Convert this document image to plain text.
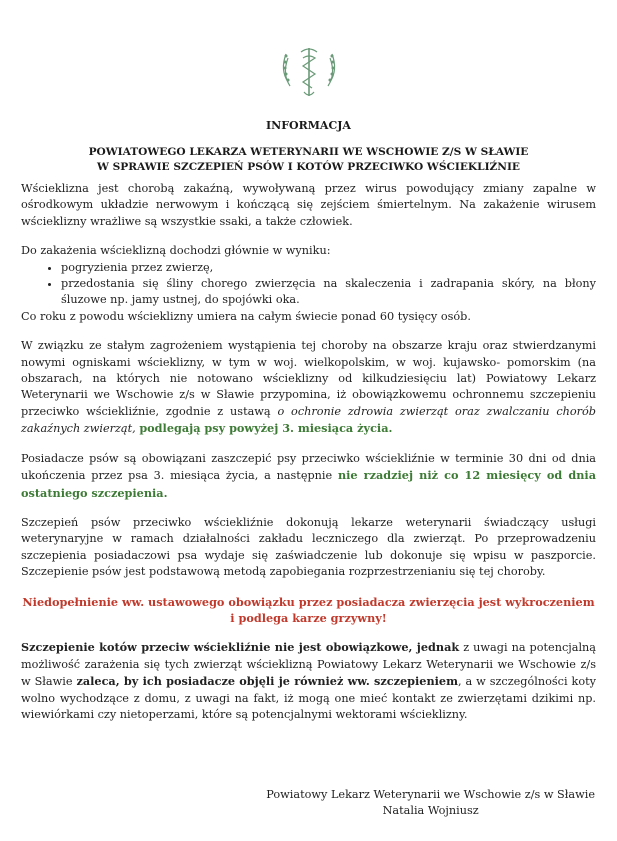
INFORMACJA
POWIATOWEGO LEKARZA WETERYNARII WE WSCHOWIE Z/S W SŁAWIE
W SPRAWIE SZCZEPIEŃ PSÓW I KOTÓW PRZECIWKO WŚCIEKLIŹNIE

Wścieklizna jest chorobą zakaźną, wywoływaną przez wirus powodujący zmiany zapalne w ośrodkowym układzie nerwowym i kończącą się zejściem śmiertelnym. Na zakażenie wirusem wścieklizny wrażliwe są wszystkie ssaki, a także człowiek.

Do zakażenia wścieklizną dochodzi głównie w wyniku:
• pogryzienia przez zwierzę,
• przedostania się śliny chorego zwierzęcia na skaleczenia i zadrapania skóry, na błony śluzowe np. jamy ustnej, do spojówki oka.
Co roku z powodu wścieklizny umiera na całym świecie ponad 60 tysięcy osób.

W związku ze stałym zagrożeniem wystąpienia tej choroby na obszarze kraju oraz stwierdzanymi nowymi ogniskami wścieklizny, w tym w woj. wielkopolskim, w woj. kujawsko- pomorskim (na obszarach, na których nie notowano wścieklizny od kilkudziesięciu lat) Powiatowy Lekarz Weterynarii we Wschowie z/s w Sławie przypomina, iż obowiązkowemu ochronnemu szczepieniu przeciwko wściekliźnie, zgodnie z ustawą o ochronie zdrowia zwierząt oraz zwalczaniu chorób zakaźnych zwierząt, podlegają psy powyżej 3. miesiąca życia.

Posiadacze psów są obowiązani zaszczepić psy przeciwko wściekliźnie w terminie 30 dni od dnia ukończenia przez psa 3. miesiąca życia, a następnie nie rzadziej niż co 12 miesięcy od dnia ostatniego szczepienia.

Szczepień psów przeciwko wściekliźnie dokonują lekarze weterynarii świadczący usługi weterynaryjne w ramach działalności zakładu leczniczego dla zwierząt. Po przeprowadzeniu szczepienia posiadaczowi psa wydaje się zaświadczenie lub dokonuje się wpisu w paszporcie. Szczepienie psów jest podstawową metodą zapobiegania rozprzestrzenianiu się tej choroby.

Niedopełnienie ww. ustawowego obowiązku przez posiadacza zwierzęcia jest wykroczeniem
i podlega karze grzywny!

Szczepienie kotów przeciw wściekliźnie nie jest obowiązkowe, jednak z uwagi na potencjalną możliwość zarażenia się tych zwierząt wścieklizną Powiatowy Lekarz Weterynarii we Wschowie z/s w Sławie zaleca, by ich posiadacze objęli je również ww. szczepieniem, a w szczególności koty wolno wychodzące z domu, z uwagi na fakt, iż mogą one mieć kontakt ze zwierzętami dzikimi np. wiewiórkami czy nietoperzami, które są potencjalnymi wektorami wścieklizny.

Powiatowy Lekarz Weterynarii we Wschowie z/s w Sławie
Natalia Wojniusz
